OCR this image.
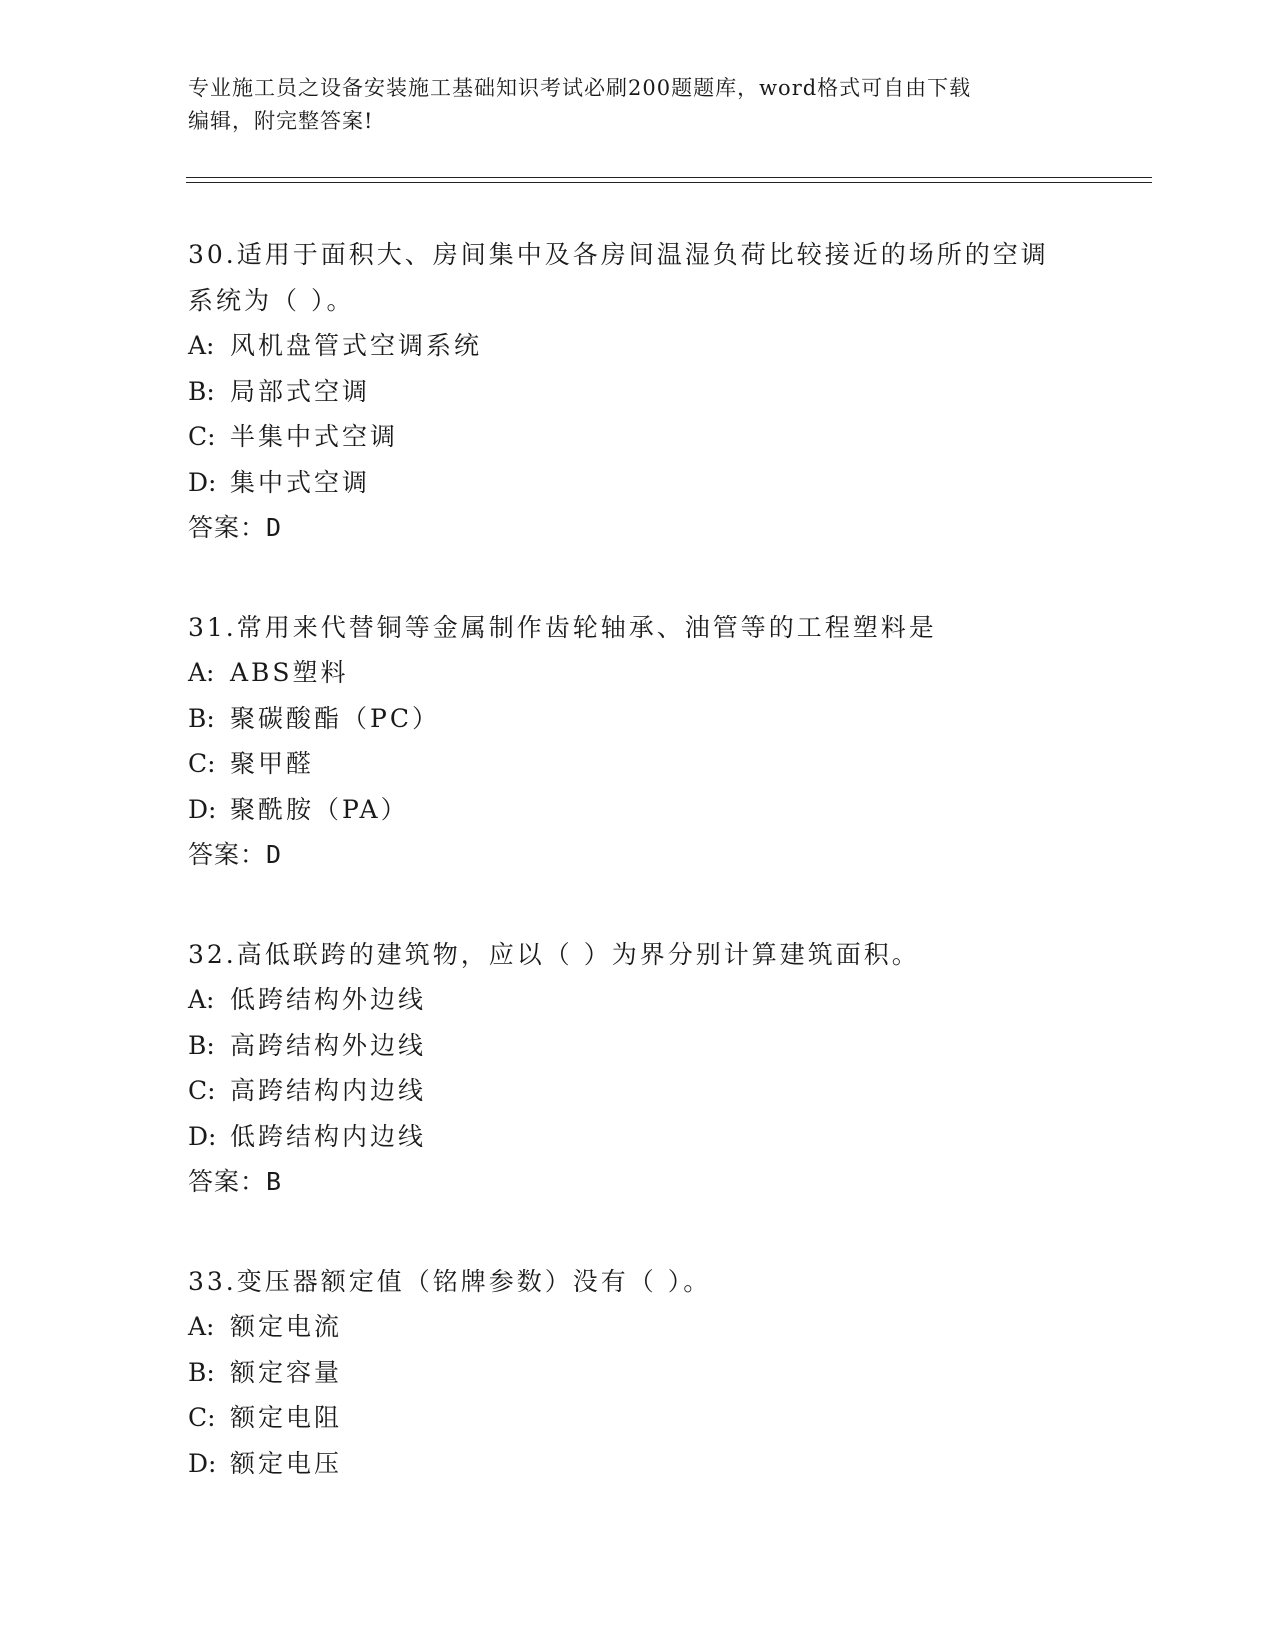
专业施工员之设备安装施工基础知识考试必刷200题题库，word格式可自由下载
编辑，附完整答案!
30.适用于面积大、房间集中及各房间温湿负荷比较接近的场所的空调
系统为（ ）。
A: 风机盘管式空调系统
B: 局部式空调
C: 半集中式空调
D: 集中式空调
答案：D
31.常用来代替铜等金属制作齿轮轴承、油管等的工程塑料是
A: ABS塑料
B: 聚碳酸酯（PC）
C: 聚甲醛
D: 聚酰胺（PA）
答案：D
32.高低联跨的建筑物，应以（ ）为界分别计算建筑面积。
A: 低跨结构外边线
B: 高跨结构外边线
C: 高跨结构内边线
D: 低跨结构内边线
答案：B
33.变压器额定值（铭牌参数）没有（ ）。
A: 额定电流
B: 额定容量
C: 额定电阻
D: 额定电压
